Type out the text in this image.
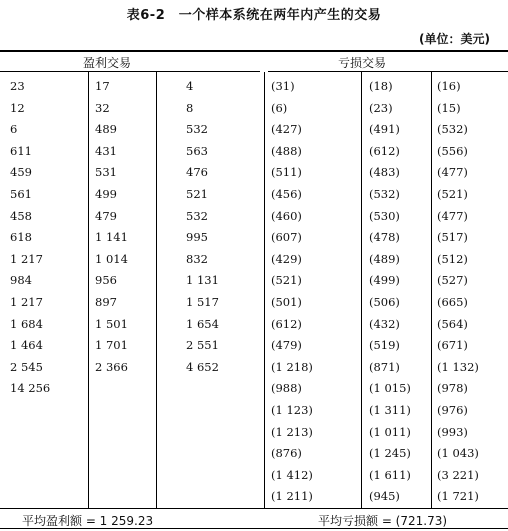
表6-2　一个样本系统在两年内产生的交易
(单位：美元)
盈利交易	亏损交易
23
12
6
611
459
561
458
618
1 217
984
1 217
1 684
1 464
2 545
14 256
17
32
489
431
531
499
479
1 141
1 014
956
897
1 501
1 701
2 366
4
8
532
563
476
521
532
995
832
1 131
1 517
1 654
2 551
4 652
(31)
(6)
(427)
(488)
(511)
(456)
(460)
(607)
(429)
(521)
(501)
(612)
(479)
(1 218)
(988)
(1 123)
(1 213)
(876)
(1 412)
(1 211)
(18)
(23)
(491)
(612)
(483)
(532)
(530)
(478)
(489)
(499)
(506)
(432)
(519)
(871)
(1 015)
(1 311)
(1 011)
(1 245)
(1 611)
(945)
(16)
(15)
(532)
(556)
(477)
(521)
(477)
(517)
(512)
(527)
(665)
(564)
(671)
(1 132)
(978)
(976)
(993)
(1 043)
(3 221)
(1 721)
平均盈利额 = 1 259.23	平均亏损额 = (721.73)
